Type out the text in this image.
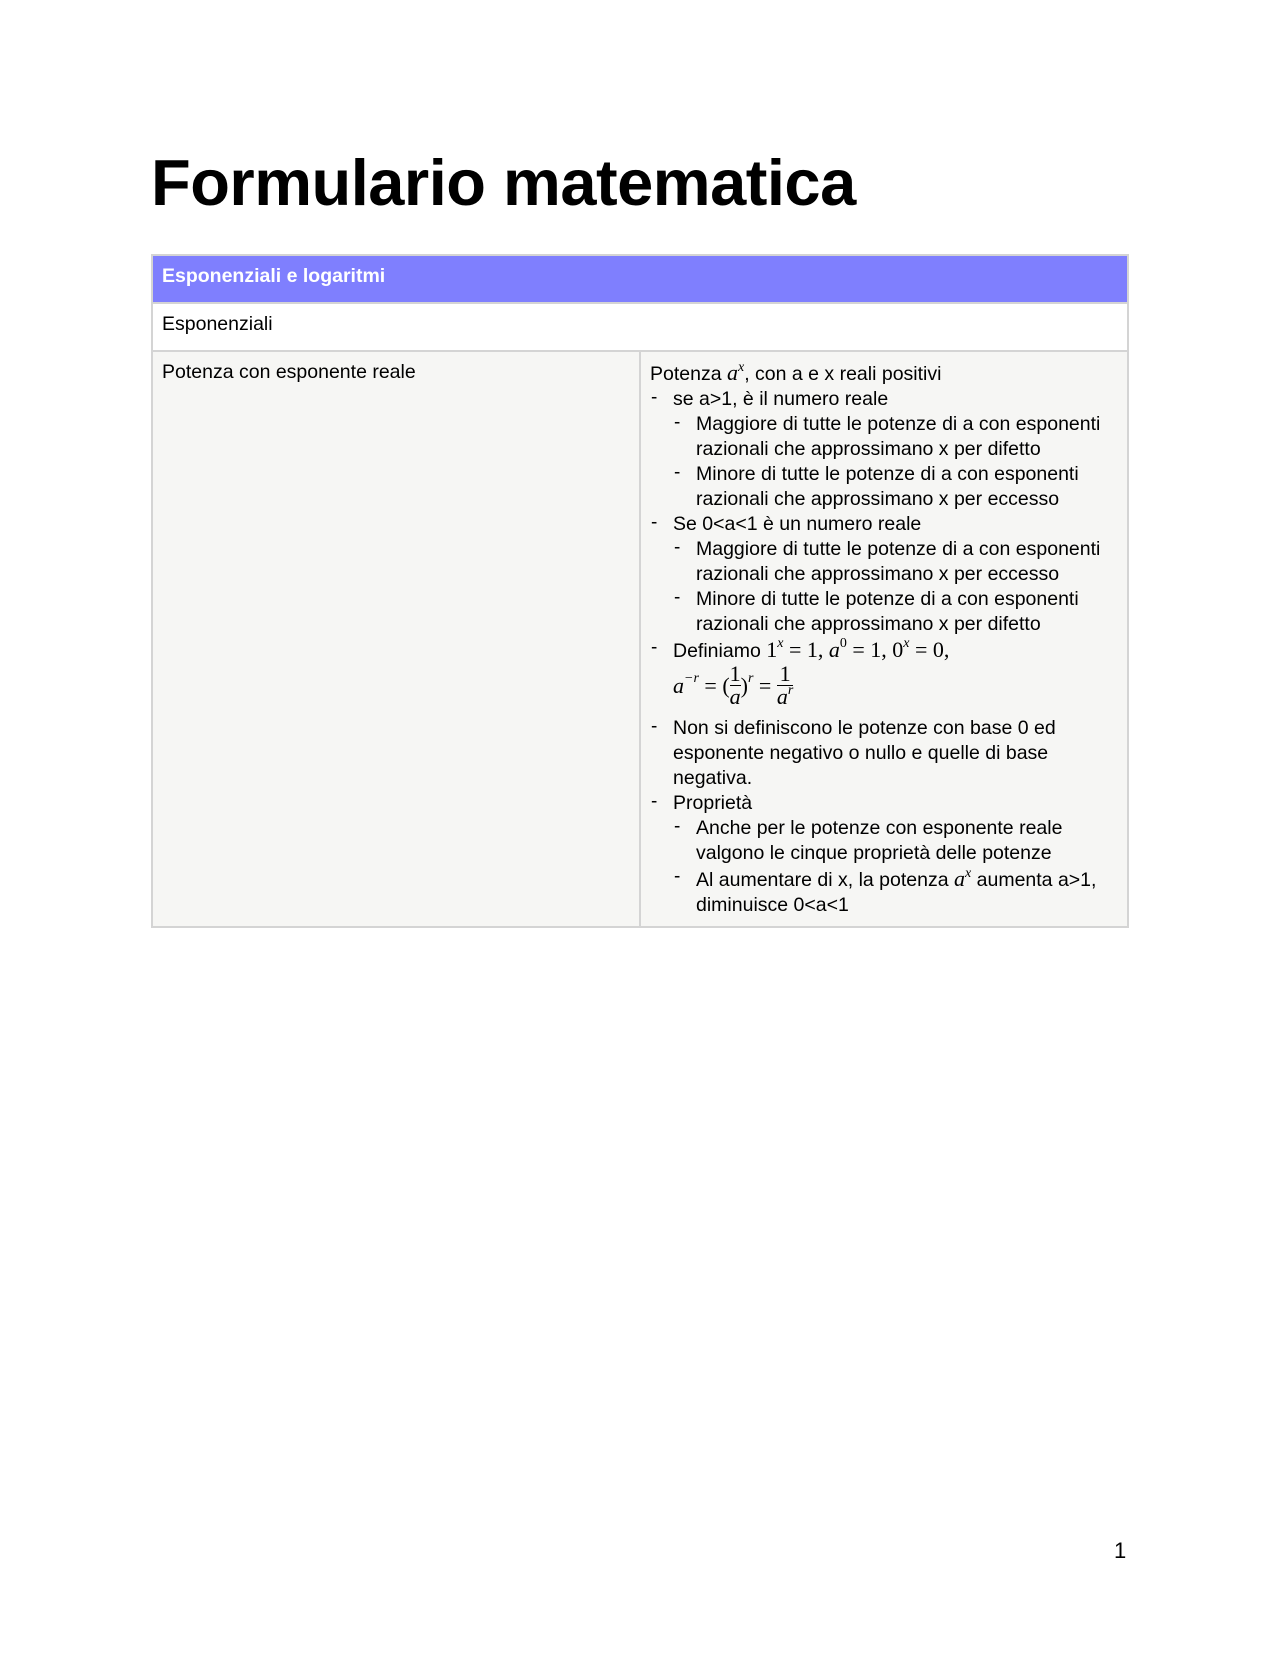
Formulario matematica
Esponenziali e logaritmi
Esponenziali
Potenza con esponente reale	Potenza $a^x$, con a e x reali positivi
- se a>1, è il numero reale
- Maggiore di tutte le potenze di a con esponenti razionali che approssimano x per difetto
- Minore di tutte le potenze di a con esponenti razionali che approssimano x per eccesso
- Se 0<a<1 è un numero reale
- Maggiore di tutte le potenze di a con esponenti razionali che approssimano x per eccesso
- Minore di tutte le potenze di a con esponenti razionali che approssimano x per difetto
- Definiamo $1^x = 1$, $a^0 = 1$, $0^x = 0$,
$a^{-r}$ = ( $\frac{1}{a} )^r = \frac{1}{a^r}$
- Non si definiscono le potenze con base 0 ed esponente negativo o nullo e quelle di base negativa.
- Proprietà
- Anche per le potenze con esponente reale valgono le cinque proprietà delle potenze
- Al aumentare di x, la potenza $a^x$ aumenta a>1, diminuisce 0<a<1
1
